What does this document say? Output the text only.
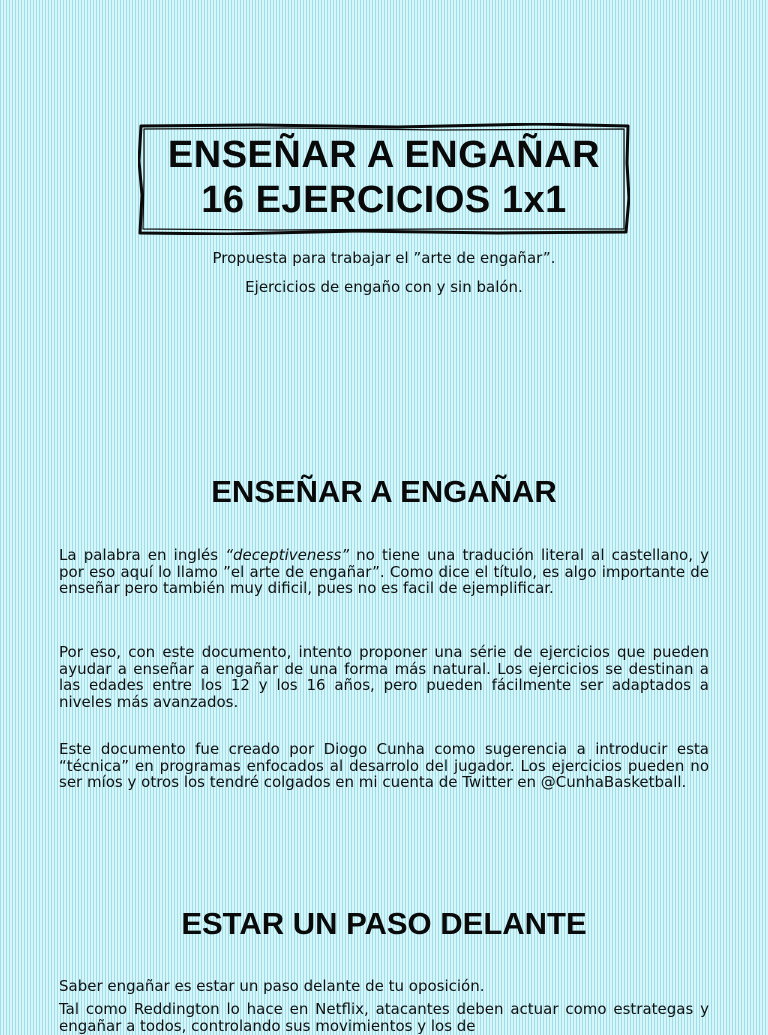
ENSEÑAR A ENGAÑAR
16 EJERCICIOS 1x1
Propuesta para trabajar el ”arte de engañar”.
Ejercicios de engaño con y sin balón.
ENSEÑAR A ENGAÑAR
La palabra en inglés “deceptiveness” no tiene una tradución literal al castellano, y por eso aquí lo llamo ”el arte de engañar”. Como dice el título, es algo importante de enseñar pero también muy dificil, pues no es facil de ejemplificar.
Por eso, con este documento, intento proponer una série de ejercicios que pueden ayudar a enseñar a engañar de una forma más natural. Los ejercicios se destinan a las edades entre los 12 y los 16 años, pero pueden fácilmente ser adaptados a niveles más avanzados.
Este documento fue creado por Diogo Cunha como sugerencia a introducir esta “técnica” en programas enfocados al desarrolo del jugador. Los ejercicios pueden no ser míos y otros los tendré colgados en mi cuenta de Twitter en @CunhaBasketball.
ESTAR UN PASO DELANTE
Saber engañar es estar un paso delante de tu oposición.
Tal como Reddington lo hace en Netflix, atacantes deben actuar como estrategas y engañar a todos, controlando sus movimientos y los de
